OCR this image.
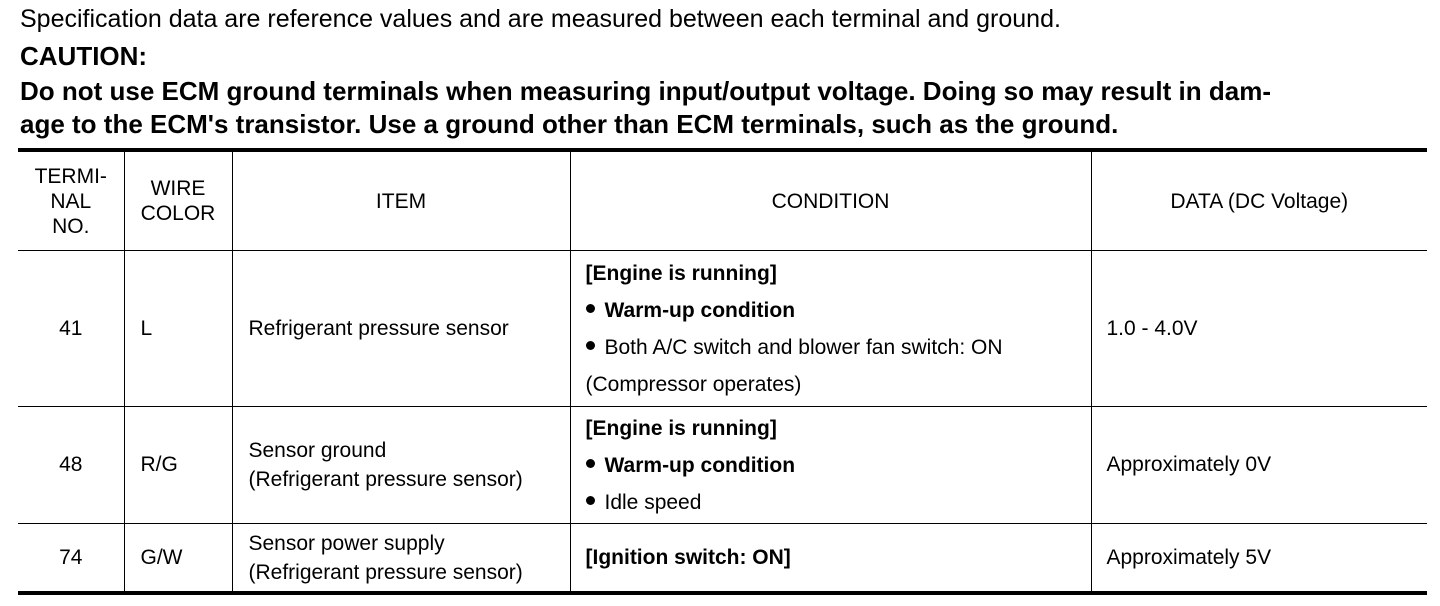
Specification data are reference values and are measured between each terminal and ground.
CAUTION:
Do not use ECM ground terminals when measuring input/output voltage. Doing so may result in dam-
age to the ECM's transistor. Use a ground other than ECM terminals, such as the ground.
TERMI-
NAL
NO.	WIRE
COLOR	ITEM	CONDITION	DATA (DC Voltage)
41	L	Refrigerant pressure sensor	[Engine is running]
Warm-up condition
Both A/C switch and blower fan switch: ON
(Compressor operates)	1.0 - 4.0V
48	R/G	Sensor ground
(Refrigerant pressure sensor)	[Engine is running]
Warm-up condition
Idle speed	Approximately 0V
74	G/W	Sensor power supply
(Refrigerant pressure sensor)	[Ignition switch: ON]	Approximately 5V
